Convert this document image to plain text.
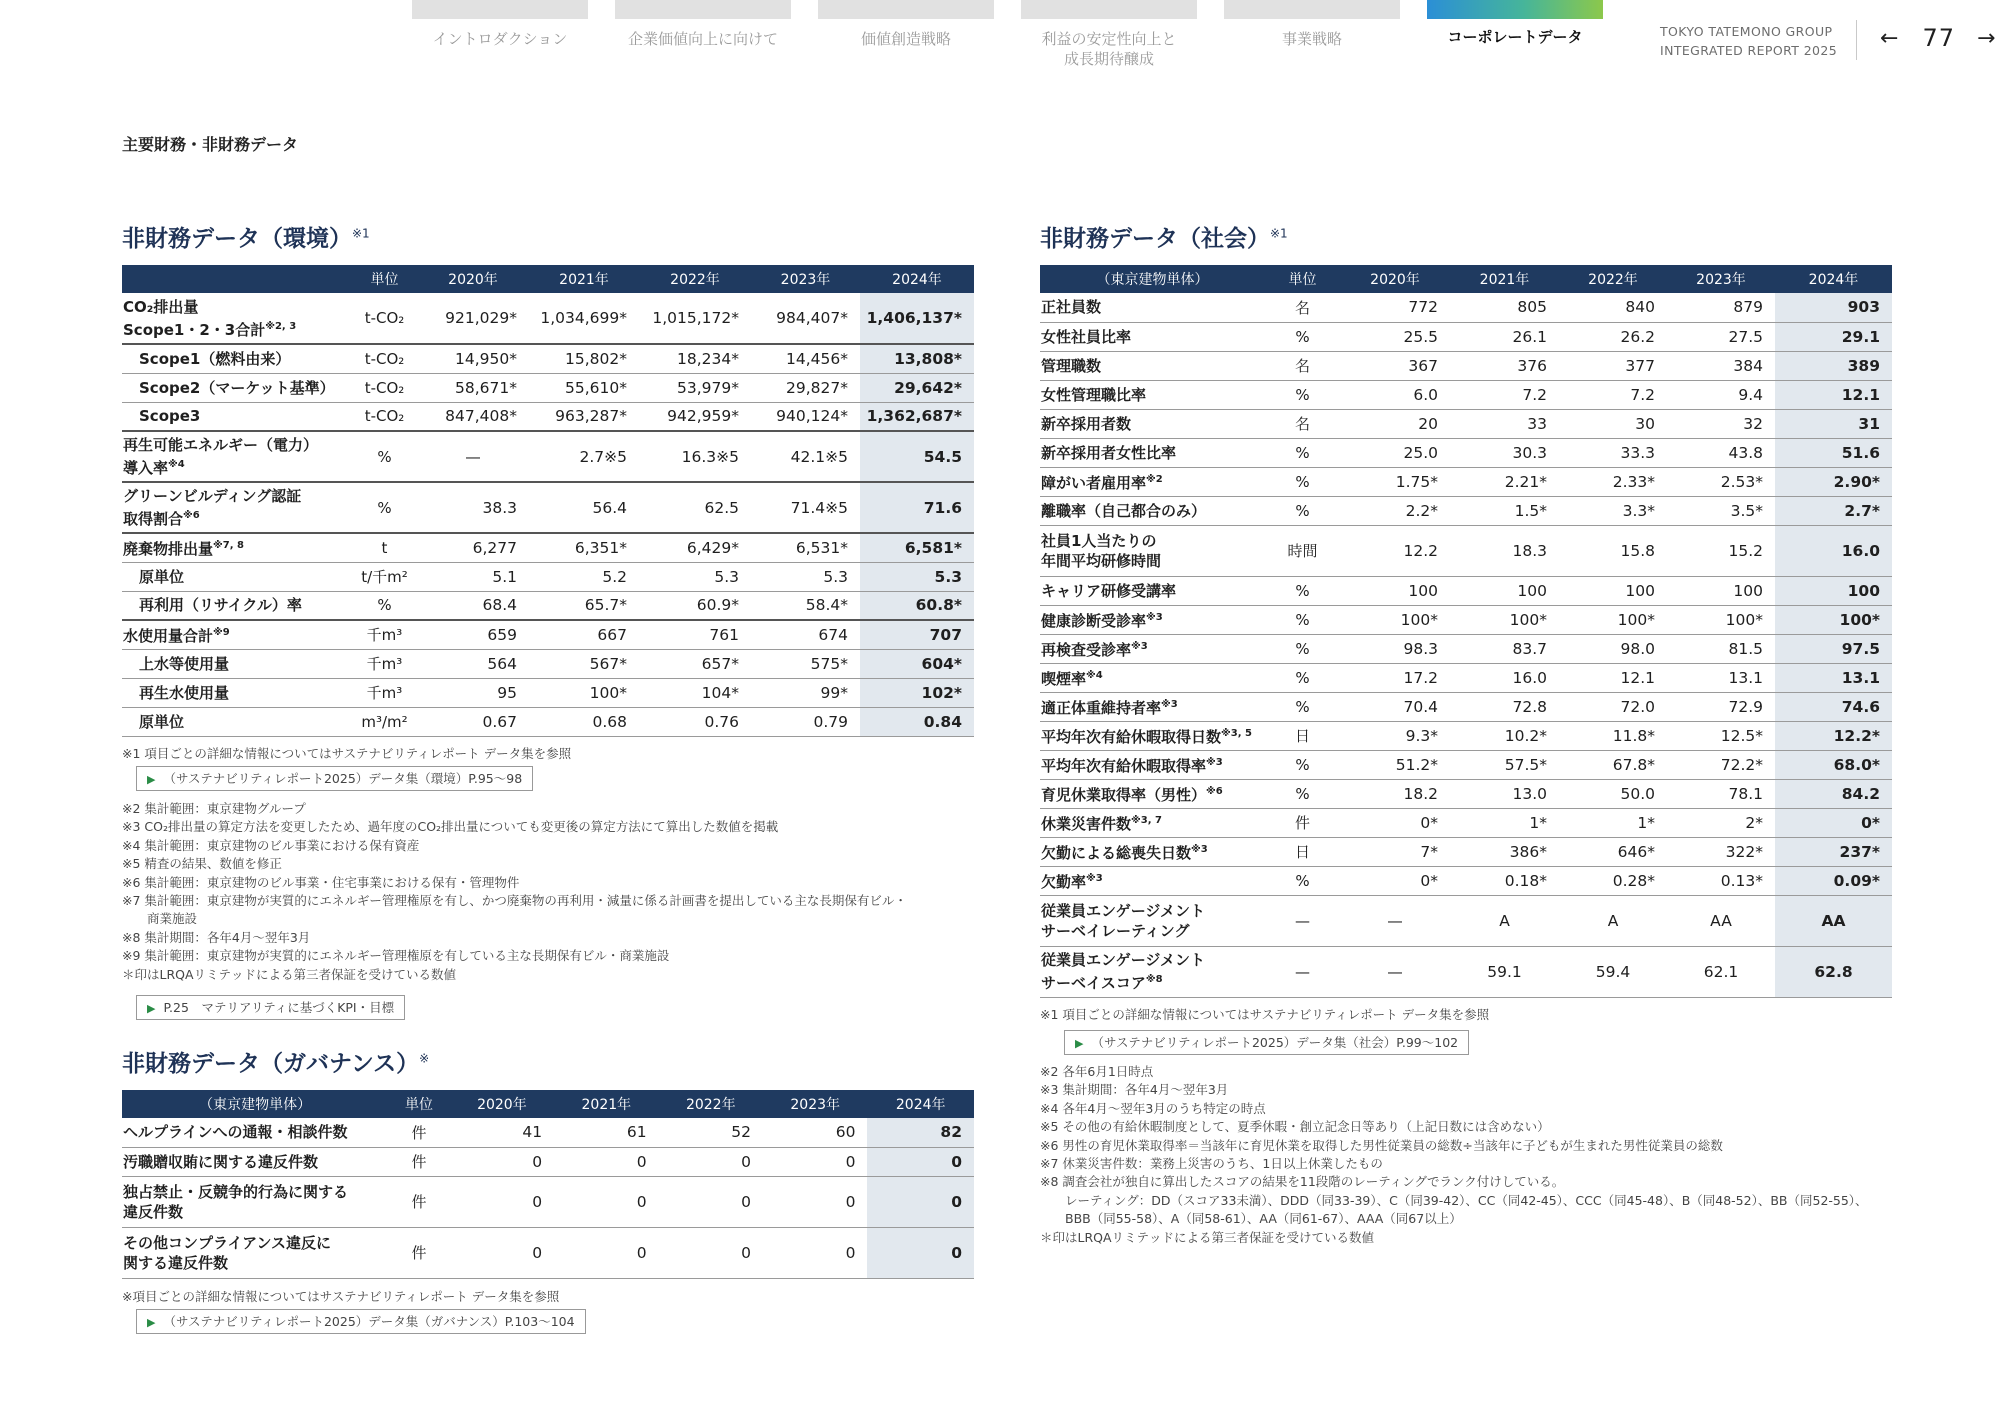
イントロダクション	企業価値向上に向けて	価値創造戦略	利益の安定性向上と
成長期待醸成
事業戦略	コーポレートデータ	TOKYO TATEMONO GROUP
INTEGRATED REPORT 2025 ← 77 →
主要財務・非財務データ
非財務データ（環境）$^{※1}$
	単位	2020年	2021年	2022年	2023年	2024年
CO₂排出量
Scope1・2・3合計$^{※2, 3}$	t-CO₂	921,029*	1,034,699*	1,015,172*	984,407*	1,406,137*
Scope1（燃料由来）	t-CO₂	14,950*	15,802*	18,234*	14,456*	13,808*
Scope2（マーケット基準）	t-CO₂	58,671*	55,610*	53,979*	29,827*	29,642*
Scope3	t-CO₂	847,408*	963,287*	942,959*	940,124*	1,362,687*
再生可能エネルギー（電力）
導入率$^{※4}$	%	—	2.7※5	16.3※5	42.1※5	54.5
グリーンビルディング認証
取得割合$^{※6}$	%	38.3	56.4	62.5	71.4※5	71.6
廃棄物排出量$^{※7, 8}$	t	6,277	6,351*	6,429*	6,531*	6,581*
原単位	t/千m²	5.1	5.2	5.3	5.3	5.3
再利用（リサイクル）率	%	68.4	65.7*	60.9*	58.4*	60.8*
水使用量合計$^{※9}$	千m³	659	667	761	674	707
上水等使用量	千m³	564	567*	657*	575*	604*
再生水使用量	千m³	95	100*	104*	99*	102*
原単位	m³/m²	0.67	0.68	0.76	0.79	0.84
※1 項目ごとの詳細な情報についてはサステナビリティレポート データ集を参照
▶ （サステナビリティレポート2025）データ集（環境）P.95～98
※2 集計範囲：東京建物グループ
※3 CO₂排出量の算定方法を変更したため、過年度のCO₂排出量についても変更後の算定方法にて算出した数値を掲載
※4 集計範囲：東京建物のビル事業における保有資産
※5 精査の結果、数値を修正
※6 集計範囲：東京建物のビル事業・住宅事業における保有・管理物件
※7 集計範囲：東京建物が実質的にエネルギー管理権原を有し、かつ廃棄物の再利用・減量に係る計画書を提出している主な長期保有ビル・
　　商業施設
※8 集計期間：各年4月～翌年3月
※9 集計範囲：東京建物が実質的にエネルギー管理権原を有している主な長期保有ビル・商業施設
＊印はLRQAリミテッドによる第三者保証を受けている数値
▶ P.25　マテリアリティに基づくKPI・目標
非財務データ（ガバナンス）※
（東京建物単体）	単位	2020年	2021年	2022年	2023年	2024年
ヘルプラインへの通報・相談件数	件	41	61	52	60	82
汚職贈収賄に関する違反件数	件	0	0	0	0	0
独占禁止・反競争的行為に関する
違反件数	件	0	0	0	0	0
その他コンプライアンス違反に
関する違反件数	件	0	0	0	0	0
※項目ごとの詳細な情報についてはサステナビリティレポート データ集を参照
▶ （サステナビリティレポート2025）データ集（ガバナンス）P.103～104
非財務データ（社会）$^{※1}$
（東京建物単体）	単位	2020年	2021年	2022年	2023年	2024年
正社員数	名	772	805	840	879	903
女性社員比率	%	25.5	26.1	26.2	27.5	29.1
管理職数	名	367	376	377	384	389
女性管理職比率	%	6.0	7.2	7.2	9.4	12.1
新卒採用者数	名	20	33	30	32	31
新卒採用者女性比率	%	25.0	30.3	33.3	43.8	51.6
障がい者雇用率$^{※2}$	%	1.75*	2.21*	2.33*	2.53*	2.90*
離職率（自己都合のみ）	%	2.2*	1.5*	3.3*	3.5*	2.7*
社員1人当たりの
年間平均研修時間	時間	12.2	18.3	15.8	15.2	16.0
キャリア研修受講率	%	100	100	100	100	100
健康診断受診率$^{※3}$	%	100*	100*	100*	100*	100*
再検査受診率$^{※3}$	%	98.3	83.7	98.0	81.5	97.5
喫煙率$^{※4}$	%	17.2	16.0	12.1	13.1	13.1
適正体重維持者率$^{※3}$	%	70.4	72.8	72.0	72.9	74.6
平均年次有給休暇取得日数$^{※3, 5}$	日	9.3*	10.2*	11.8*	12.5*	12.2*
平均年次有給休暇取得率$^{※3}$	%	51.2*	57.5*	67.8*	72.2*	68.0*
育児休業取得率（男性）$^{※6}$	%	18.2	13.0	50.0	78.1	84.2
休業災害件数$^{※3, 7}$	件	0*	1*	1*	2*	0*
欠勤による総喪失日数$^{※3}$	日	7*	386*	646*	322*	237*
欠勤率$^{※3}$	%	0*	0.18*	0.28*	0.13*	0.09*
従業員エンゲージメント
サーベイレーティング	—	—	A	A	AA	AA
従業員エンゲージメント
サーベイスコア$^{※8}$	—	—	59.1	59.4	62.1	62.8
※1 項目ごとの詳細な情報についてはサステナビリティレポート データ集を参照
▶ （サステナビリティレポート2025）データ集（社会）P.99～102
※2 各年6月1日時点
※3 集計期間：各年4月～翌年3月
※4 各年4月～翌年3月のうち特定の時点
※5 その他の有給休暇制度として、夏季休暇・創立記念日等あり（上記日数には含めない）
※6 男性の育児休業取得率＝当該年に育児休業を取得した男性従業員の総数÷当該年に子どもが生まれた男性従業員の総数
※7 休業災害件数：業務上災害のうち、1日以上休業したもの
※8 調査会社が独自に算出したスコアの結果を11段階のレーティングでランク付けしている。
　　レーティング：DD（スコア33未満）、DDD（同33-39）、C（同39-42）、CC（同42-45）、CCC（同45-48）、B（同48-52）、BB（同52-55）、
　　BBB（同55-58）、A（同58-61）、AA（同61-67）、AAA（同67以上）
＊印はLRQAリミテッドによる第三者保証を受けている数値
